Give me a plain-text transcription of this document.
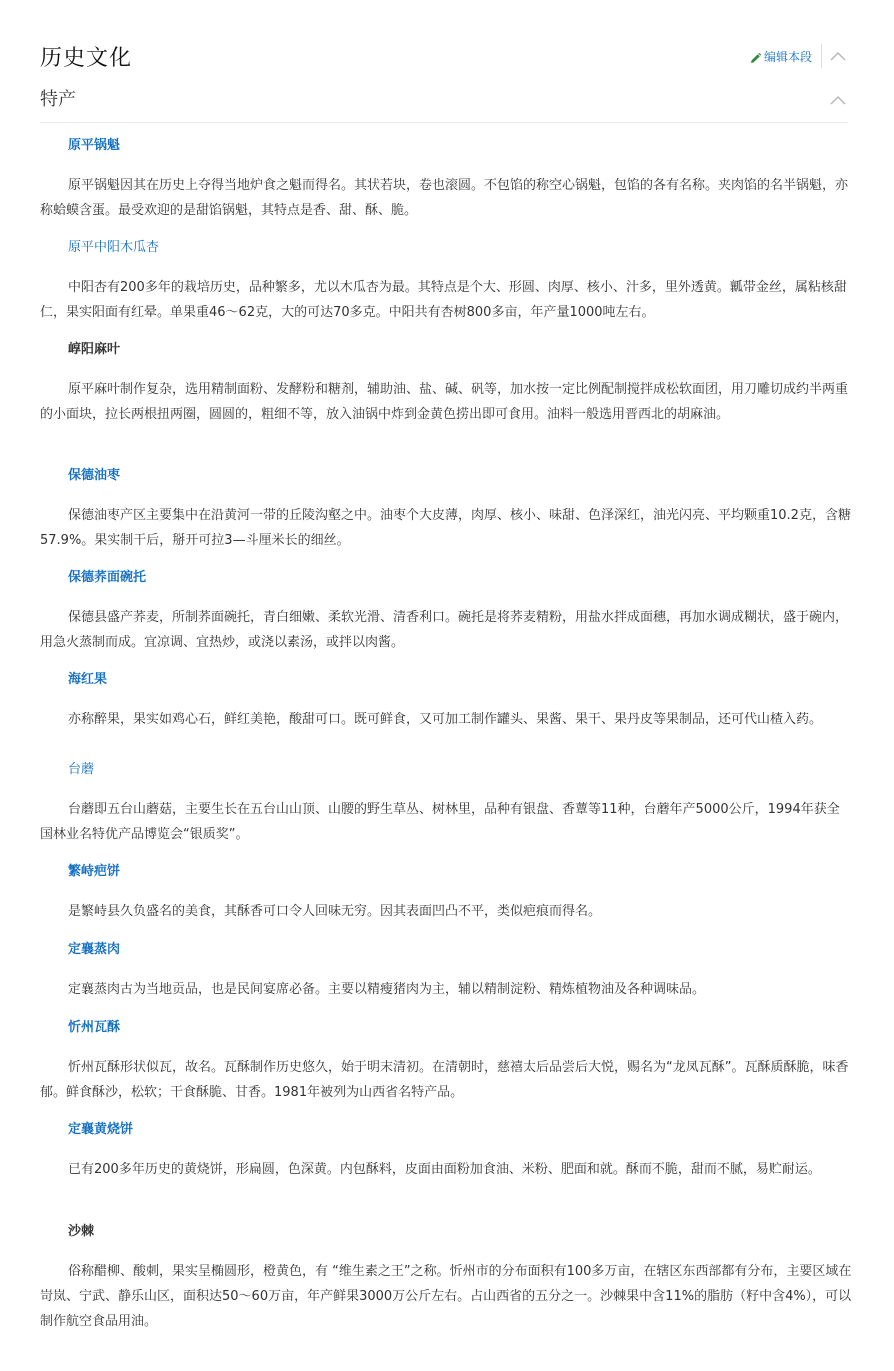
历史文化	编辑本段
特产
原平锅魁
原平锅魁因其在历史上夺得当地炉食之魁而得名。其状若块，卷也滚圆。不包馅的称空心锅魁，包馅的各有名称。夹肉馅的名半锅魁，亦称蛤蟆含蛋。最受欢迎的是甜馅锅魁，其特点是香、甜、酥、脆。
原平中阳木瓜杏
中阳杏有200多年的栽培历史，品种繁多，尤以木瓜杏为最。其特点是个大、形圆、肉厚、核小、汁多，里外透黄。瓤带金丝，属粘核甜仁，果实阳面有红晕。单果重46～62克，大的可达70多克。中阳共有杏树800多亩，年产量1000吨左右。
崞阳麻叶
原平麻叶制作复杂，选用精制面粉、发酵粉和糖剂，辅助油、盐、碱、矾等，加水按一定比例配制搅拌成松软面团，用刀雕切成约半两重的小面块，拉长两根扭两圈，圆圆的，粗细不等，放入油锅中炸到金黄色捞出即可食用。油料一般选用晋西北的胡麻油。
保德油枣
保德油枣产区主要集中在沿黄河一带的丘陵沟壑之中。油枣个大皮薄，肉厚、核小、味甜、色泽深红，油光闪亮、平均颗重10.2克，含糖57.9%。果实制干后，掰开可拉3—斗厘米长的细丝。
保德荞面碗托
保德县盛产荞麦，所制荞面碗托，青白细嫩、柔软光滑、清香利口。碗托是将荞麦精粉，用盐水拌成面穗，再加水调成糊状，盛于碗内，用急火蒸制而成。宜凉调、宜热炒，或浇以素汤，或拌以肉酱。
海红果
亦称醉果，果实如鸡心石，鲜红美艳，酸甜可口。既可鲜食，又可加工制作罐头、果酱、果干、果丹皮等果制品，还可代山楂入药。
台蘑
台蘑即五台山蘑菇，主要生长在五台山山顶、山腰的野生草丛、树林里，品种有银盘、香蕈等11种，台蘑年产5000公斤，1994年获全国林业名特优产品博览会“银质奖”。
繁峙疤饼
是繁峙县久负盛名的美食，其酥香可口令人回味无穷。因其表面凹凸不平，类似疤痕而得名。
定襄蒸肉
定襄蒸肉古为当地贡品，也是民间宴席必备。主要以精瘦猪肉为主，辅以精制淀粉、精炼植物油及各种调味品。
忻州瓦酥
忻州瓦酥形状似瓦，故名。瓦酥制作历史悠久，始于明末清初。在清朝时，慈禧太后品尝后大悦，赐名为“龙凤瓦酥”。瓦酥质酥脆，味香郁。鲜食酥沙，松软；干食酥脆、甘香。1981年被列为山西省名特产品。
定襄黄烧饼
已有200多年历史的黄烧饼，形扁圆，色深黄。内包酥料，皮面由面粉加食油、米粉、肥面和就。酥而不脆，甜而不腻，易贮耐运。
沙棘
俗称醋柳、酸刺，果实呈椭圆形，橙黄色，有 “维生素之王”之称。忻州市的分布面积有100多万亩，在辖区东西部都有分布，主要区域在岢岚、宁武、静乐山区，面积达50～60万亩，年产鲜果3000万公斤左右。占山西省的五分之一。沙棘果中含11%的脂肪（籽中含4%），可以制作航空食品用油。
